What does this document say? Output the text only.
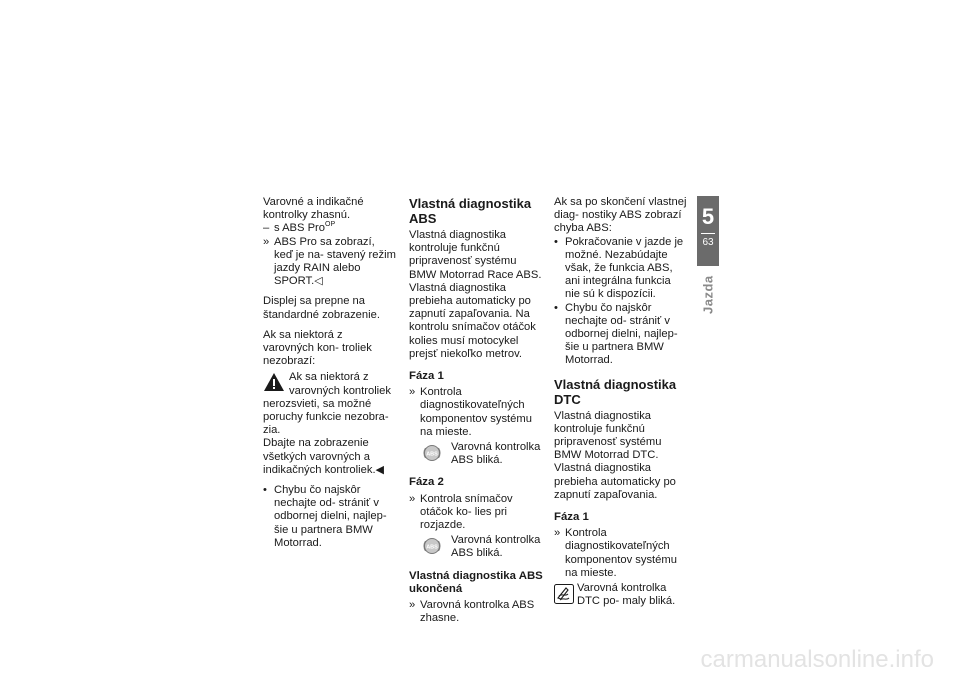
Varovné a indikačné kontrolky zhasnú.

– s ABS Pro$^{OP}$

» ABS Pro sa zobrazí, keď je na- stavený režim jazdy RAIN alebo SPORT.◁

Displej sa prepne na štandardné zobrazenie.

Ak sa niektorá z varovných kon- troliek nezobrazí:

Ak sa niektorá z varovných kontroliek nerozsvieti, sa možné poruchy funkcie nezobra- zia.

Dbajte na zobrazenie všetkých varovných a indikačných kontroliek.◀

• Chybu čo najskôr nechajte od- strániť v odbornej dielni, najlep- šie u partnera BMW Motorrad.

Vlastná diagnostika ABS

Vlastná diagnostika kontroluje funkčnú pripravenosť systému BMW Motorrad Race ABS. Vlastná diagnostika prebieha automaticky po zapnutí zapaľovania. Na kontrolu snímačov otáčok kolies musí motocykel prejsť niekoľko metrov.

Fáza 1

» Kontrola diagnostikovateľných komponentov systému na mieste.

ABS

Varovná kontrolka ABS bliká.

Fáza 2

» Kontrola snímačov otáčok ko- lies pri rozjazde.

ABS

Varovná kontrolka ABS bliká.

Vlastná diagnostika ABS ukončená

» Varovná kontrolka ABS zhasne.

Ak sa po skončení vlastnej diag- nostiky ABS zobrazí chyba ABS:

• Pokračovanie v jazde je možné. Nezabúdajte však, že funkcia ABS, ani integrálna funkcia nie sú k dispozícii.

• Chybu čo najskôr nechajte od- strániť v odbornej dielni, najlep- šie u partnera BMW Motorrad.

Vlastná diagnostika DTC

Vlastná diagnostika kontroluje funkčnú pripravenosť systému BMW Motorrad DTC. Vlastná diagnostika prebieha automaticky po zapnutí zapaľovania.

Fáza 1

» Kontrola diagnostikovateľných komponentov systému na mieste.

Varovná kontrolka DTC po- maly bliká.

5
63
Jazda
carmanualsonline.info
